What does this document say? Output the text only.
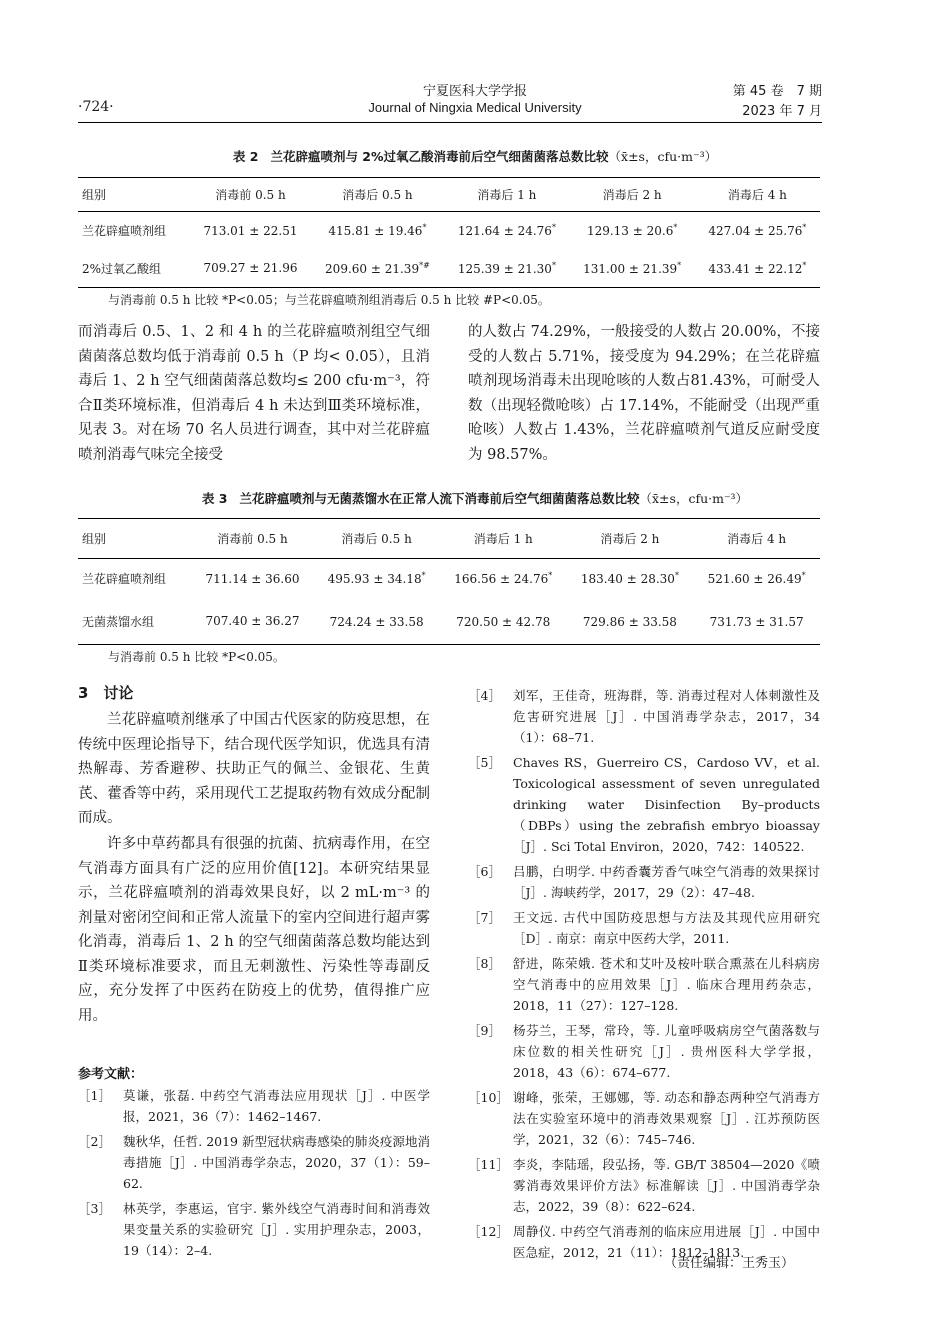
·724·
宁夏医科大学学报
Journal of Ningxia Medical University
第 45 卷　7 期
2023 年 7 月
表 2 兰花辟瘟喷剂与 2%过氧乙酸消毒前后空气细菌菌落总数比较（x̄±s，cfu·m⁻³）
组别	消毒前 0.5 h	消毒后 0.5 h	消毒后 1 h	消毒后 2 h	消毒后 4 h
兰花辟瘟喷剂组	713.01 ± 22.51	415.81 ± 19.46*	121.64 ± 24.76*	129.13 ± 20.6*	427.04 ± 25.76*
2%过氧乙酸组	709.27 ± 21.96	209.60 ± 21.39*#	125.39 ± 21.30*	131.00 ± 21.39*	433.41 ± 22.12*
与消毒前 0.5 h 比较 *P<0.05；与兰花辟瘟喷剂组消毒后 0.5 h 比较 #P<0.05。

而消毒后 0.5、1、2 和 4 h 的兰花辟瘟喷剂组空气细菌菌落总数均低于消毒前 0.5 h（P 均< 0.05），且消毒后 1、2 h 空气细菌菌落总数均≤ 200 cfu·m⁻³，符合Ⅱ类环境标准，但消毒后 4 h 未达到Ⅲ类环境标准，见表 3。对在场 70 名人员进行调查，其中对兰花辟瘟喷剂消毒气味完全接受

的人数占 74.29%，一般接受的人数占 20.00%，不接受的人数占 5.71%，接受度为 94.29%；在兰花辟瘟喷剂现场消毒未出现呛咳的人数占81.43%，可耐受人数（出现轻微呛咳）占 17.14%，不能耐受（出现严重呛咳）人数占 1.43%，兰花辟瘟喷剂气道反应耐受度为 98.57%。

表 3 兰花辟瘟喷剂与无菌蒸馏水在正常人流下消毒前后空气细菌菌落总数比较（x̄±s，cfu·m⁻³）
组别	消毒前 0.5 h	消毒后 0.5 h	消毒后 1 h	消毒后 2 h	消毒后 4 h
兰花辟瘟喷剂组	711.14 ± 36.60	495.93 ± 34.18*	166.56 ± 24.76*	183.40 ± 28.30*	521.60 ± 26.49*
无菌蒸馏水组	707.40 ± 36.27	724.24 ± 33.58	720.50 ± 42.78	729.86 ± 33.58	731.73 ± 31.57
与消毒前 0.5 h 比较 *P<0.05。
3　讨论

兰花辟瘟喷剂继承了中国古代医家的防疫思想，在传统中医理论指导下，结合现代医学知识，优选具有清热解毒、芳香避秽、扶助正气的佩兰、金银花、生黄芪、藿香等中药，采用现代工艺提取药物有效成分配制而成。

许多中草药都具有很强的抗菌、抗病毒作用，在空气消毒方面具有广泛的应用价值[12]。本研究结果显示，兰花辟瘟喷剂的消毒效果良好，以 2 mL·m⁻³ 的剂量对密闭空间和正常人流量下的室内空间进行超声雾化消毒，消毒后 1、2 h 的空气细菌菌落总数均能达到Ⅱ类环境标准要求，而且无刺激性、污染性等毒副反应，充分发挥了中医药在防疫上的优势，值得推广应用。

参考文献：
［1］ 莫谦，张磊. 中药空气消毒法应用现状［J］. 中医学报，2021，36（7）：1462–1467.
［2］ 魏秋华，任哲. 2019 新型冠状病毒感染的肺炎疫源地消毒措施［J］. 中国消毒学杂志，2020，37（1）：59–62.
［3］ 林英学，李惠运，官宇. 紫外线空气消毒时间和消毒效果变量关系的实验研究［J］. 实用护理杂志，2003，19（14）：2–4.
［4］ 刘军，王佳奇，班海群，等. 消毒过程对人体刺激性及危害研究进展［J］. 中国消毒学杂志，2017，34（1）：68–71.
［5］ Chaves RS，Guerreiro CS，Cardoso VV，et al. Toxicological assessment of seven unregulated drinking water Disinfection By–products（DBPs）using the zebrafish embryo bioassay［J］. Sci Total Environ，2020，742：140522.
［6］ 吕鹏，白明学. 中药香囊芳香气味空气消毒的效果探讨［J］. 海峡药学，2017，29（2）：47–48.
［7］ 王文远. 古代中国防疫思想与方法及其现代应用研究［D］. 南京：南京中医药大学，2011.
［8］ 舒进，陈荣娥. 苍术和艾叶及桉叶联合熏蒸在儿科病房空气消毒中的应用效果［J］. 临床合理用药杂志，2018，11（27）：127–128.
［9］ 杨芬兰，王琴，常玲，等. 儿童呼吸病房空气菌落数与床位数的相关性研究［J］. 贵州医科大学学报，2018，43（6）：674–677.
［10］ 谢峰，张荣，王娜娜，等. 动态和静态两种空气消毒方法在实验室环境中的消毒效果观察［J］. 江苏预防医学，2021，32（6）：745–746.
［11］ 李炎，李陆瑶，段弘扬，等. GB/T 38504—2020《喷雾消毒效果评价方法》标准解读［J］. 中国消毒学杂志，2022，39（8）：622–624.
［12］ 周静仪. 中药空气消毒剂的临床应用进展［J］. 中国中医急症，2012，21（11）：1812–1813.
（责任编辑：王秀玉）
